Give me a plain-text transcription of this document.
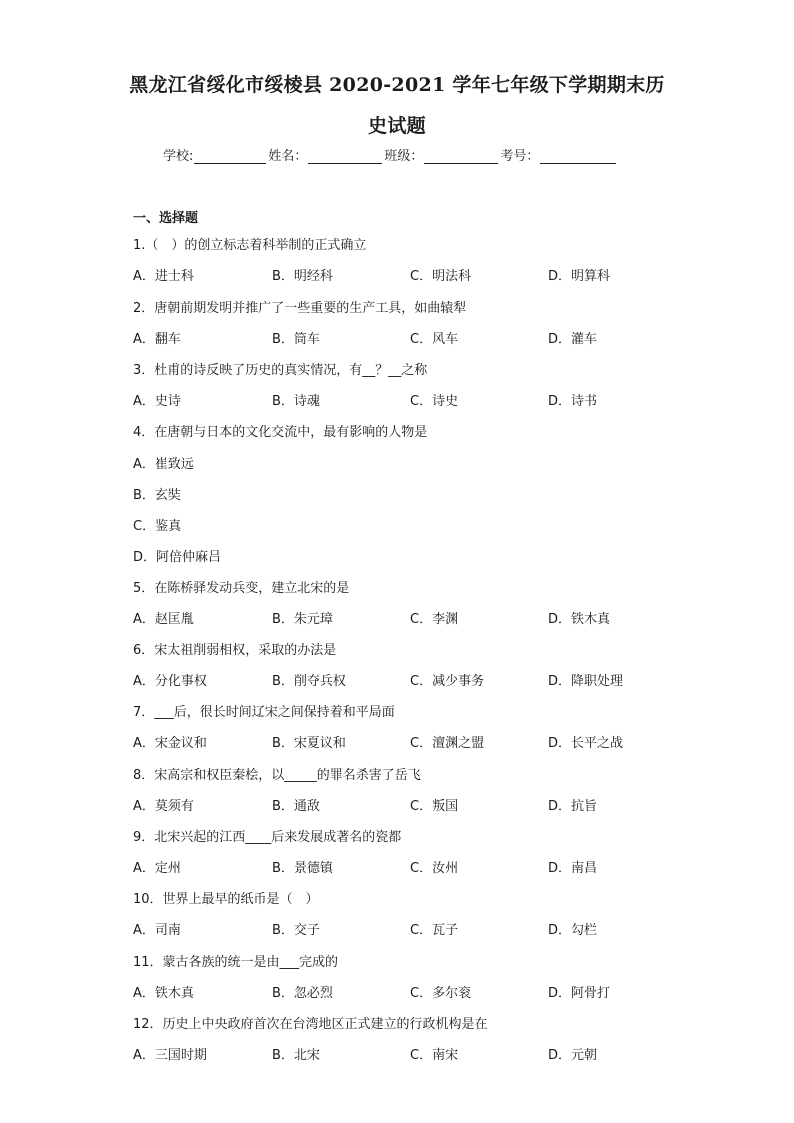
黑龙江省绥化市绥棱县 2020-2021 学年七年级下学期期末历
史试题
学校:	姓名：	班级：	考号：
一、选择题
1.（　）的创立标志着科举制的正式确立
A．进士科	B．明经科	C．明法科	D．明算科
2．唐朝前期发明并推广了一些重要的生产工具，如曲辕犁
A．翻车	B．筒车	C．风车	D．灌车
3．杜甫的诗反映了历史的真实情况，有__？__之称
A．史诗	B．诗魂	C．诗史	D．诗书
4．在唐朝与日本的文化交流中，最有影响的人物是
A．崔致远
B．玄奘
C．鉴真
D．阿倍仲麻吕
5．在陈桥驿发动兵变，建立北宋的是
A．赵匡胤	B．朱元璋	C．李渊	D．铁木真
6．宋太祖削弱相权，采取的办法是
A．分化事权	B．削夺兵权	C．减少事务	D．降职处理
7．___后，很长时间辽宋之间保持着和平局面
A．宋金议和	B．宋夏议和	C．澶渊之盟	D．长平之战
8．宋高宗和权臣秦桧，以_____的罪名杀害了岳飞
A．莫须有	B．通敌	C．叛国	D．抗旨
9．北宋兴起的江西____后来发展成著名的瓷都
A．定州	B．景德镇	C．汝州	D．南昌
10．世界上最早的纸币是（　）
A．司南	B．交子	C．瓦子	D．勾栏
11．蒙古各族的统一是由___完成的
A．铁木真	B．忽必烈	C．多尔衮	D．阿骨打
12．历史上中央政府首次在台湾地区正式建立的行政机构是在
A．三国时期	B．北宋	C．南宋	D．元朝
